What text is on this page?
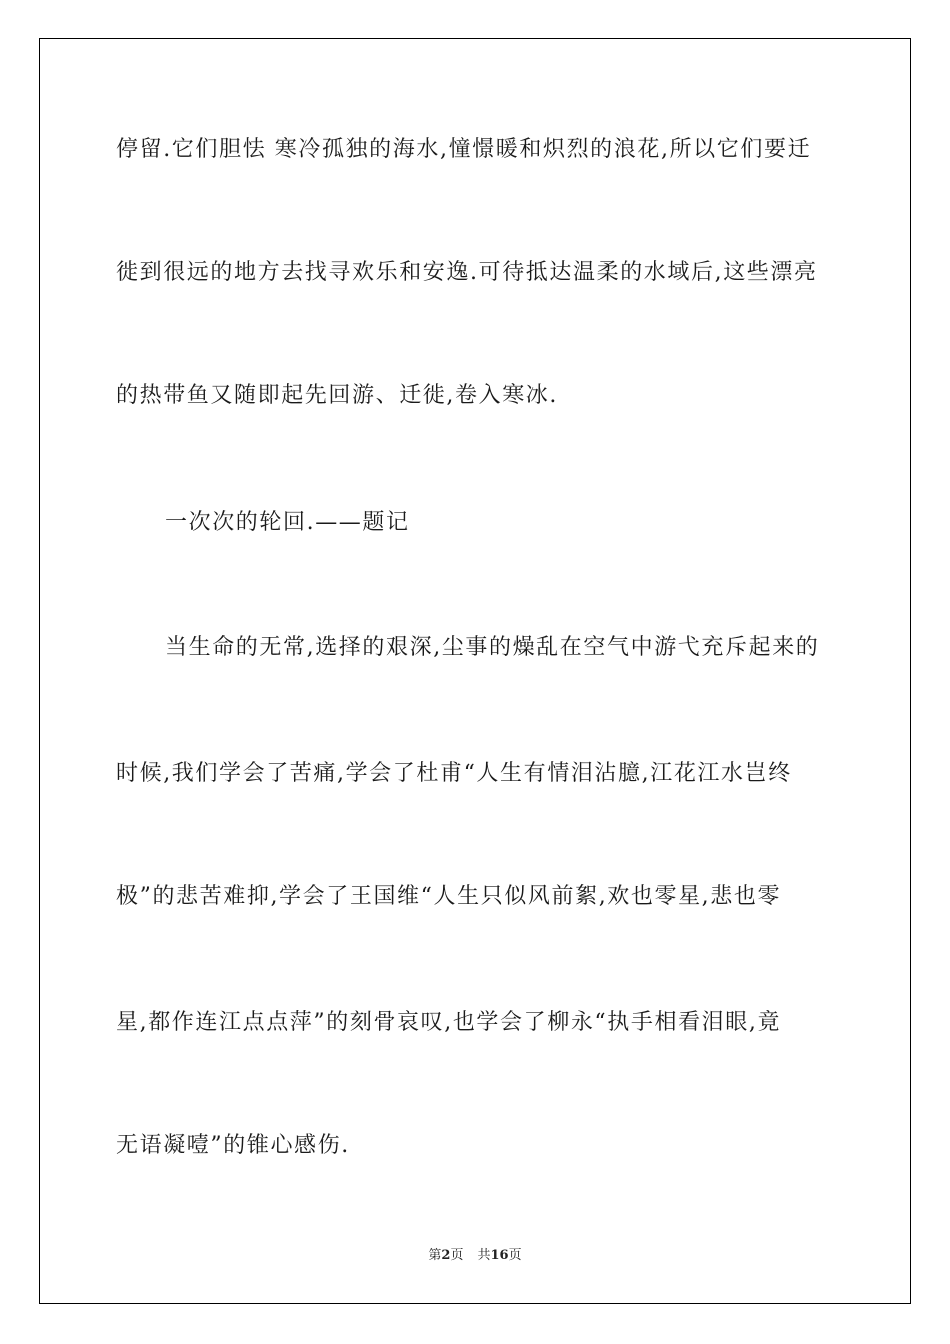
停留.它们胆怯 寒冷孤独的海水,憧憬暖和炽烈的浪花,所以它们要迁
徙到很远的地方去找寻欢乐和安逸.可待抵达温柔的水域后,这些漂亮
的热带鱼又随即起先回游、迁徙,卷入寒冰.
一次次的轮回.——题记
当生命的无常,选择的艰深,尘事的燥乱在空气中游弋充斥起来的
时候,我们学会了苦痛,学会了杜甫“人生有情泪沾臆,江花江水岂终
极”的悲苦难抑,学会了王国维“人生只似风前絮,欢也零星,悲也零
星,都作连江点点萍”的刻骨哀叹,也学会了柳永“执手相看泪眼,竟
无语凝噎”的锥心感伤.
第2页 共16页
